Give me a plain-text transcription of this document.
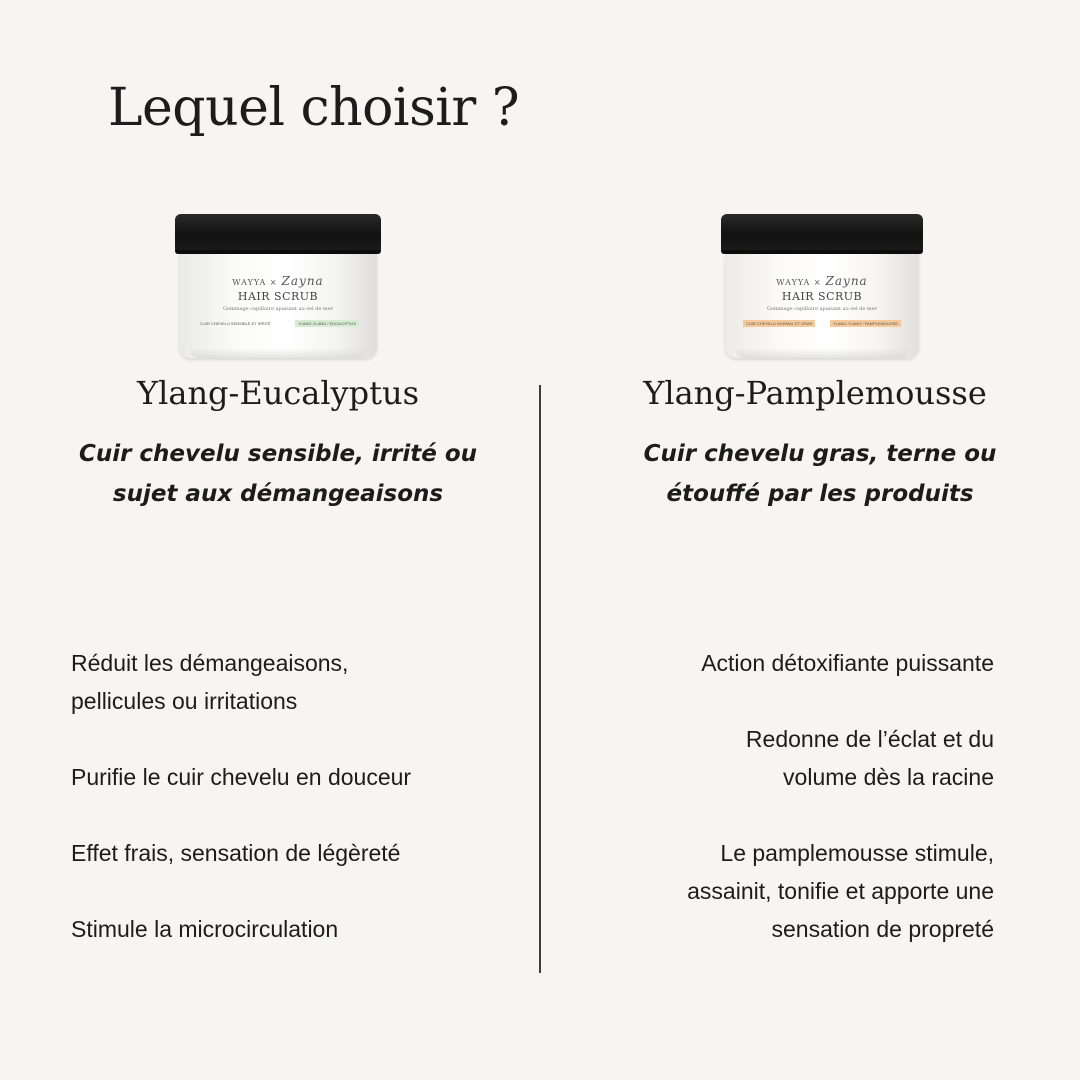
Lequel choisir ?
WAYYA × Zayna
HAIR SCRUB
Gommage capillaire apaisant au sel de mer
CUIR CHEVELU SENSIBLE ET IRRITÉ	YLANG-YLANG / EUCALYPTUS
Ylang-Eucalyptus

Cuir chevelu sensible, irrité ou
sujet aux démangeaisons

Réduit les démangeaisons,
pellicules ou irritations
Purifie le cuir chevelu en douceur
Effet frais, sensation de légèreté
Stimule la microcirculation
WAYYA × Zayna
HAIR SCRUB
Gommage capillaire apaisant au sel de mer
CUIR CHEVELU NORMAL ET GRAS	YLANG-YLANG / PAMPLEMOUSSE
Ylang-Pamplemousse

Cuir chevelu gras, terne ou
étouffé par les produits

Action détoxifiante puissante
Redonne de l’éclat et du
volume dès la racine
Le pamplemousse stimule,
assainit, tonifie et apporte une
sensation de propreté
